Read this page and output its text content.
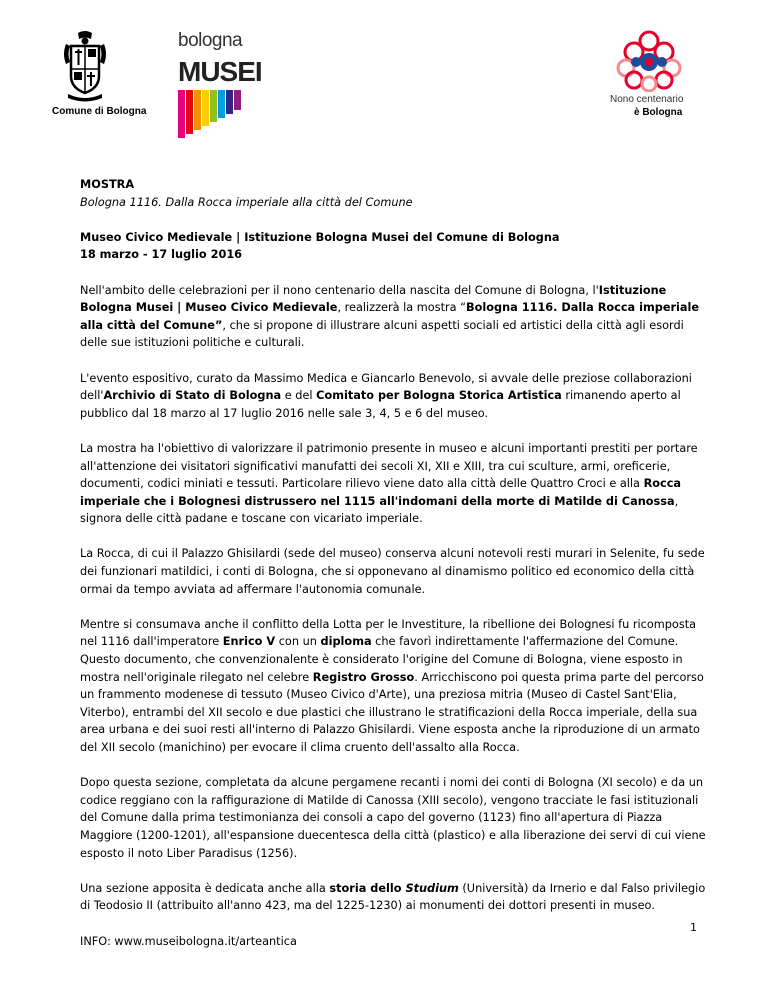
Comune di Bologna
bologna
MUSEI
Nono centenario
è Bologna

MOSTRA

Bologna 1116. Dalla Rocca imperiale alla città del Comune

Museo Civico Medievale | Istituzione Bologna Musei del Comune di Bologna

18 marzo - 17 luglio 2016

Nell'ambito delle celebrazioni per il nono centenario della nascita del Comune di Bologna, l'Istituzione Bologna Musei | Museo Civico Medievale, realizzerà la mostra “Bologna 1116. Dalla Rocca imperiale alla città del Comune”, che si propone di illustrare alcuni aspetti sociali ed artistici della città agli esordi delle sue istituzioni politiche e culturali.

L'evento espositivo, curato da Massimo Medica e Giancarlo Benevolo, si avvale delle preziose collaborazioni dell'Archivio di Stato di Bologna e del Comitato per Bologna Storica Artistica rimanendo aperto al pubblico dal 18 marzo al 17 luglio 2016 nelle sale 3, 4, 5 e 6 del museo.

La mostra ha l'obiettivo di valorizzare il patrimonio presente in museo e alcuni importanti prestiti per portare all'attenzione dei visitatori significativi manufatti dei secoli XI, XII e XIII, tra cui sculture, armi, oreficerie, documenti, codici miniati e tessuti. Particolare rilievo viene dato alla città delle Quattro Croci e alla Rocca imperiale che i Bolognesi distrussero nel 1115 all'indomani della morte di Matilde di Canossa, signora delle città padane e toscane con vicariato imperiale.

La Rocca, di cui il Palazzo Ghisilardi (sede del museo) conserva alcuni notevoli resti murari in Selenite, fu sede dei funzionari matildici, i conti di Bologna, che si opponevano al dinamismo politico ed economico della città ormai da tempo avviata ad affermare l'autonomia comunale.

Mentre si consumava anche il conflitto della Lotta per le Investiture, la ribellione dei Bolognesi fu ricomposta nel 1116 dall'imperatore Enrico V con un diploma che favorì indirettamente l'affermazione del Comune. Questo documento, che convenzionalente è considerato l'origine del Comune di Bologna, viene esposto in mostra nell'originale rilegato nel celebre Registro Grosso. Arricchiscono poi questa prima parte del percorso un frammento modenese di tessuto (Museo Civico d'Arte), una preziosa mitria (Museo di Castel Sant'Elia, Viterbo), entrambi del XII secolo e due plastici che illustrano le stratificazioni della Rocca imperiale, della sua area urbana e dei suoi resti all'interno di Palazzo Ghisilardi. Viene esposta anche la riproduzione di un armato del XII secolo (manichino) per evocare il clima cruento dell'assalto alla Rocca.

Dopo questa sezione, completata da alcune pergamene recanti i nomi dei conti di Bologna (XI secolo) e da un codice reggiano con la raffigurazione di Matilde di Canossa (XIII secolo), vengono tracciate le fasi istituzionali del Comune dalla prima testimonianza dei consoli a capo del governo (1123) fino all'apertura di Piazza Maggiore (1200-1201), all'espansione duecentesca della città (plastico) e alla liberazione dei servi di cui viene esposto il noto Liber Paradisus (1256).

Una sezione apposita è dedicata anche alla storia dello Studium (Università) da Irnerio e dal Falso privilegio di Teodosio II (attribuito all'anno 423, ma del 1225-1230) ai monumenti dei dottori presenti in museo.

INFO: www.museibologna.it/arteantica

1
